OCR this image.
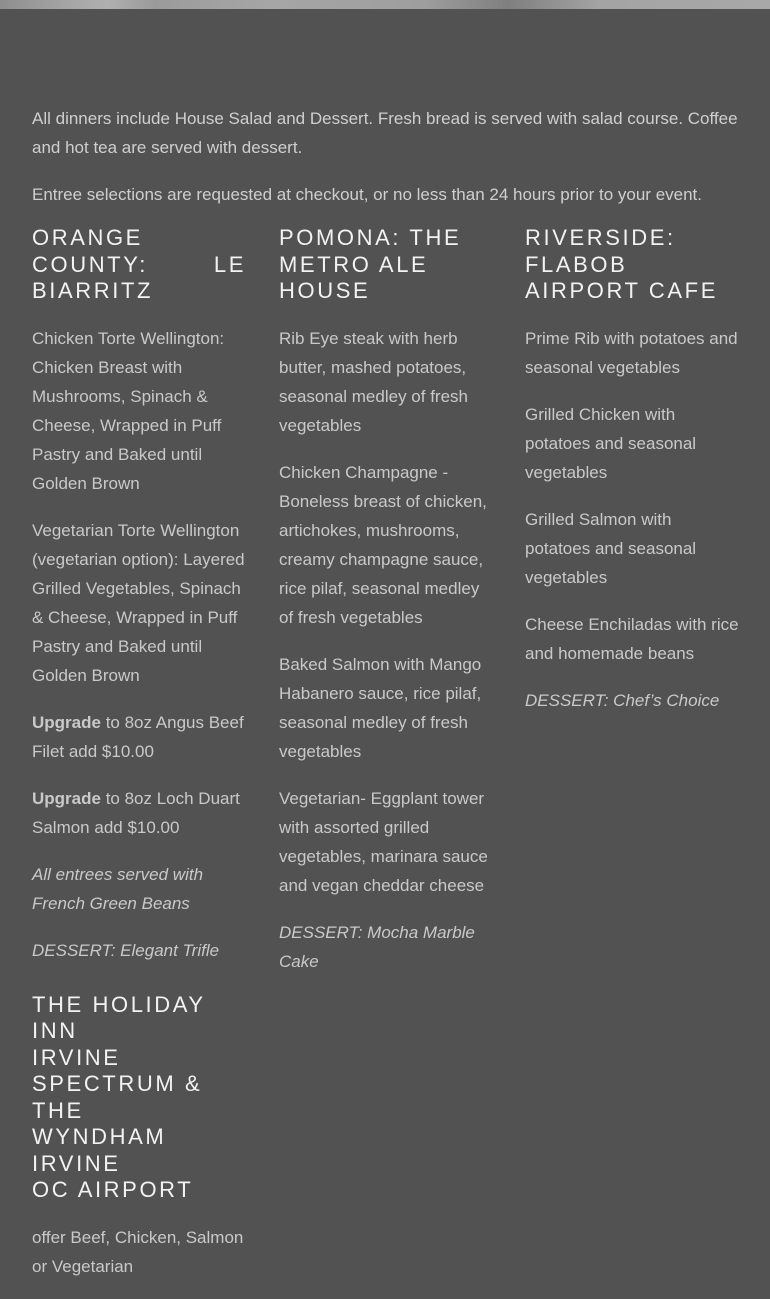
All dinners include House Salad and Dessert. Fresh bread is served with salad course. Coffee and hot tea are served with dessert.

Entree selections are requested at checkout, or no less than 24 hours prior to your event.

ORANGE COUNTY: LE BIARRITZ

Chicken Torte Wellington: Chicken Breast with Mushrooms, Spinach & Cheese, Wrapped in Puff Pastry and Baked until Golden Brown

Vegetarian Torte Wellington (vegetarian option): Layered Grilled Vegetables, Spinach & Cheese, Wrapped in Puff Pastry and Baked until Golden Brown

Upgrade to 8oz Angus Beef Filet add $10.00

Upgrade to 8oz Loch Duart Salmon add $10.00

All entrees served with French Green Beans

DESSERT: Elegant Trifle

THE HOLIDAY INN
IRVINE
SPECTRUM & THE
WYNDHAM IRVINE
OC AIRPORT

offer Beef, Chicken, Salmon or Vegetarian

POMONA: THE METRO ALE HOUSE

Rib Eye steak with herb butter, mashed potatoes, seasonal medley of fresh vegetables

Chicken Champagne - Boneless breast of chicken, artichokes, mushrooms, creamy champagne sauce, rice pilaf, seasonal medley of fresh vegetables

Baked Salmon with Mango Habanero sauce, rice pilaf, seasonal medley of fresh vegetables

Vegetarian- Eggplant tower with assorted grilled vegetables, marinara sauce and vegan cheddar cheese

DESSERT: Mocha Marble Cake

RIVERSIDE: FLABOB AIRPORT CAFE

Prime Rib with potatoes and seasonal vegetables

Grilled Chicken with potatoes and seasonal vegetables

Grilled Salmon with potatoes and seasonal vegetables

Cheese Enchiladas with rice and homemade beans

DESSERT: Chef’s Choice
